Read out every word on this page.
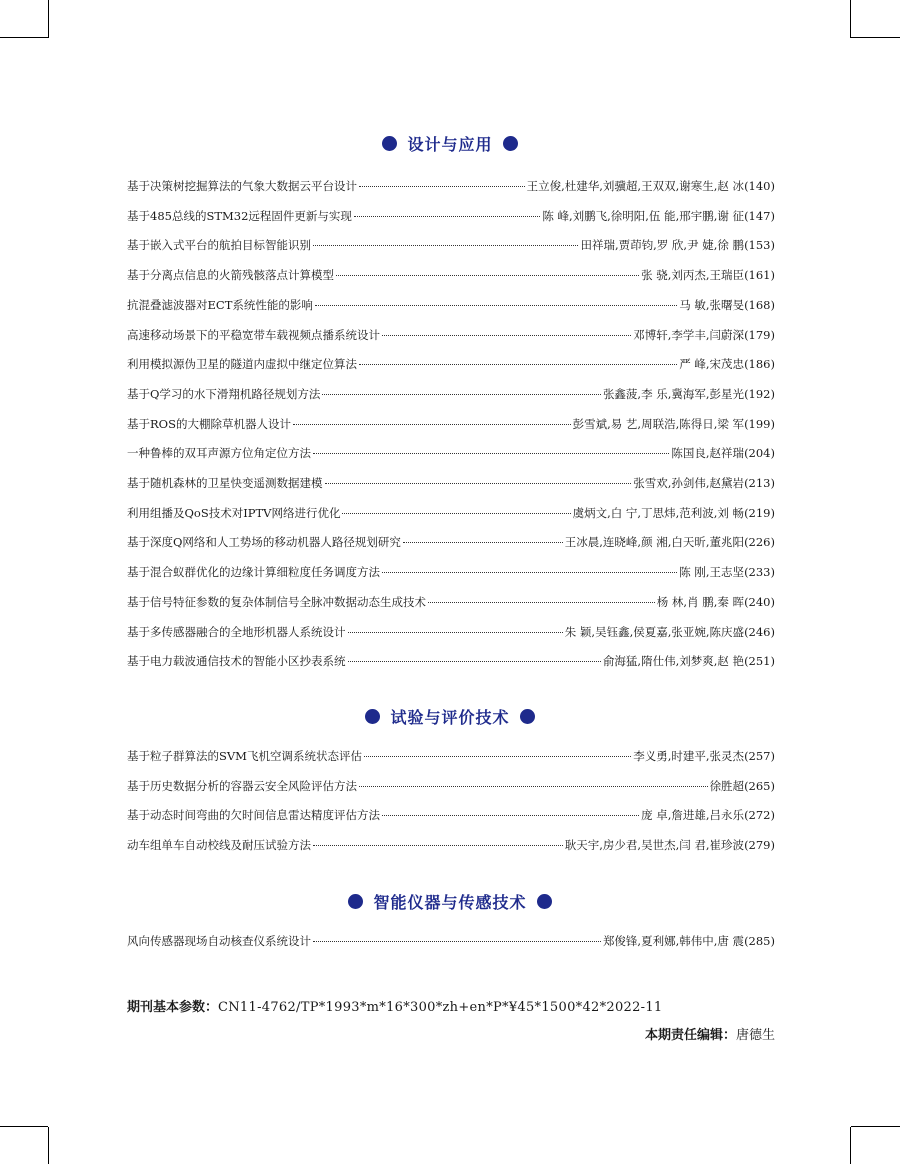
设计与应用
基于决策树挖掘算法的气象大数据云平台设计	王立俊,杜建华,刘骥超,王双双,谢寒生,赵 冰 (140)
基于485总线的STM32远程固件更新与实现	陈 峰,刘鹏飞,徐明阳,伍 能,邢宇鹏,谢 征 (147)
基于嵌入式平台的航拍目标智能识别	田祥瑞,贾茚钧,罗 欣,尹 婕,徐 鹏 (153)
基于分离点信息的火箭残骸落点计算模型	张 骁,刘丙杰,王瑞臣 (161)
抗混叠滤波器对ECT系统性能的影响	马 敏,张曙旻 (168)
高速移动场景下的平稳宽带车载视频点播系统设计	邓博轩,李学丰,闫蔚深 (179)
利用模拟源伪卫星的隧道内虚拟中继定位算法	严 峰,宋茂忠 (186)
基于Q学习的水下滑翔机路径规划方法	张鑫菠,李 乐,冀海军,彭星光 (192)
基于ROS的大棚除草机器人设计	彭雪斌,易 艺,周联浩,陈得日,梁 军 (199)
一种鲁棒的双耳声源方位角定位方法	陈国良,赵祥瑞 (204)
基于随机森林的卫星快变遥测数据建模	张雪欢,孙剑伟,赵黛岩 (213)
利用组播及QoS技术对IPTV网络进行优化	虞炳文,白 宁,丁思炜,范利波,刘 畅 (219)
基于深度Q网络和人工势场的移动机器人路径规划研究	王冰晨,连晓峰,颜 湘,白天昕,董兆阳 (226)
基于混合蚁群优化的边缘计算细粒度任务调度方法	陈 刚,王志坚 (233)
基于信号特征参数的复杂体制信号全脉冲数据动态生成技术	杨 林,肖 鹏,秦 晖 (240)
基于多传感器融合的全地形机器人系统设计	朱 颖,吴钰鑫,侯夏嘉,张亚婉,陈庆盛 (246)
基于电力载波通信技术的智能小区抄表系统	俞海猛,隋仕伟,刘梦爽,赵 艳 (251)
试验与评价技术
基于粒子群算法的SVM飞机空调系统状态评估	李义勇,时建平,张灵杰 (257)
基于历史数据分析的容器云安全风险评估方法	徐胜超 (265)
基于动态时间弯曲的欠时间信息雷达精度评估方法	庞 卓,詹进雄,吕永乐 (272)
动车组单车自动校线及耐压试验方法	耿天宇,房少君,吴世杰,闫 君,崔珍波 (279)
智能仪器与传感技术
风向传感器现场自动核查仪系统设计	郑俊锋,夏利娜,韩伟中,唐 震 (285)
期刊基本参数：CN11-4762/TP*1993*m*16*300*zh+en*P*¥45*1500*42*2022-11
本期责任编辑：唐德生
